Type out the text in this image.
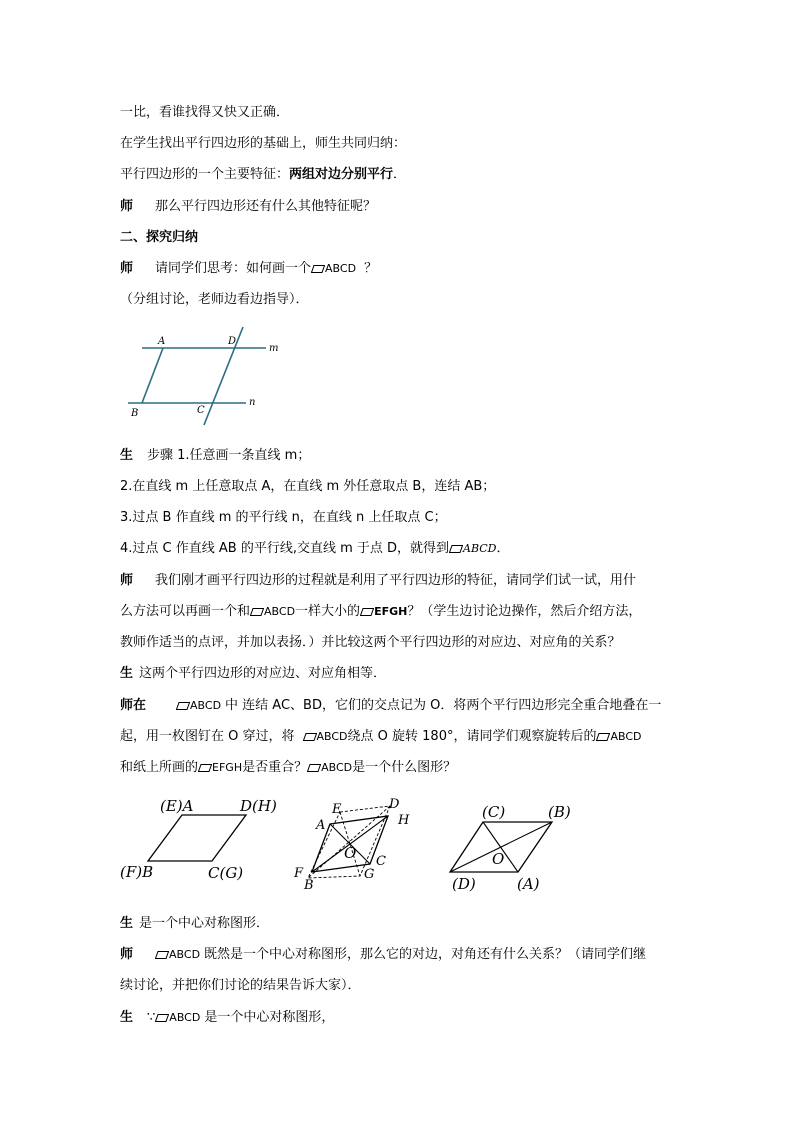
一比，看谁找得又快又正确．
在学生找出平行四边形的基础上，师生共同归纳：
平行四边形的一个主要特征：两组对边分别平行．
师 那么平行四边形还有什么其他特征呢？
二、探究归纳
师 请同学们思考：如何画一个 ABCD ？
（分组讨论，老师边看边指导）．
A	D
m
n
B	C
生 步骤 1.任意画一条直线 m；
2.在直线 m 上任意取点 A，在直线 m 外任意取点 B，连结 AB；
3.过点 B 作直线 m 的平行线 n，在直线 n 上任取点 C；
4.过点 C 作直线 AB 的平行线,交直线 m 于点 D，就得到 ABCD．
师 我们刚才画平行四边形的过程就是利用了平行四边形的特征，请同学们试一试，用什
么方法可以再画一个和 ABCD一样大小的 EFGH？（学生边讨论边操作，然后介绍方法，
教师作适当的点评，并加以表扬．）并比较这两个平行四边形的对应边、对应角的关系？
生 这两个平行四边形的对应边、对应角相等．
师在	ABCD 中 连结 AC、BD，它们的交点记为 O．将两个平行四边形完全重合地叠在一
起，用一枚图钉在 O 穿过，将 ABCD绕点 O 旋转 180°，请同学们观察旋转后的 ABCD
和纸上所画的 EFGH是否重合？ ABCD是一个什么图形？
(E)A	D(H)
(F)B	C(G)
E	D
H
A
O C
F	G
B
(C)	(B)
O
(D)	(A)
生 是一个中心对称图形．
师	ABCD 既然是一个中心对称图形，那么它的对边，对角还有什么关系？（请同学们继
续讨论，并把你们讨论的结果告诉大家）．
生 ∵ ABCD 是一个中心对称图形，
